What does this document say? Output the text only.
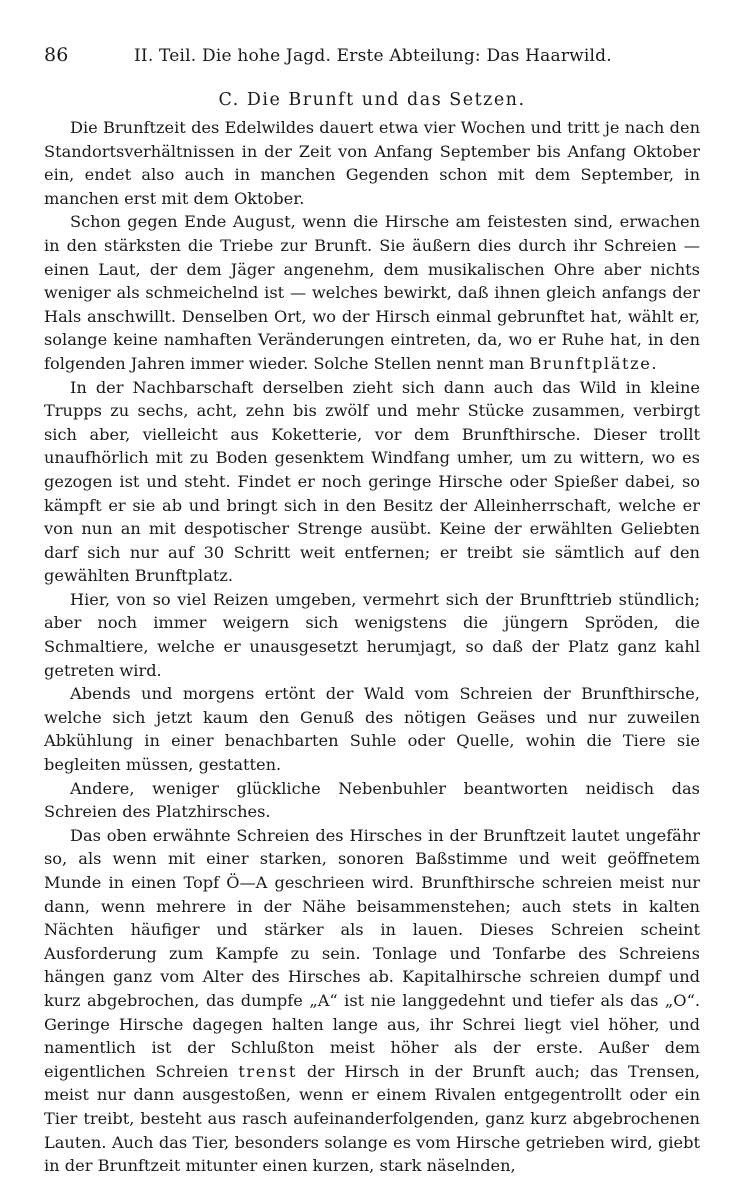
86	II. Teil. Die hohe Jagd. Erste Abteilung: Das Haarwild.
C. Die Brunft und das Setzen.

Die Brunftzeit des Edelwildes dauert etwa vier Wochen und tritt je nach den Standortsverhältnissen in der Zeit von Anfang September bis Anfang Oktober ein, endet also auch in manchen Gegenden schon mit dem September, in manchen erst mit dem Oktober.

Schon gegen Ende August, wenn die Hirsche am feistesten sind, erwachen in den stärksten die Triebe zur Brunft. Sie äußern dies durch ihr Schreien — einen Laut, der dem Jäger angenehm, dem musikalischen Ohre aber nichts weniger als schmeichelnd ist — welches bewirkt, daß ihnen gleich anfangs der Hals anschwillt. Denselben Ort, wo der Hirsch einmal gebrunftet hat, wählt er, solange keine namhaften Veränderungen eintreten, da, wo er Ruhe hat, in den folgenden Jahren immer wieder. Solche Stellen nennt man Brunftplätze.

In der Nachbarschaft derselben zieht sich dann auch das Wild in kleine Trupps zu sechs, acht, zehn bis zwölf und mehr Stücke zusammen, verbirgt sich aber, vielleicht aus Koketterie, vor dem Brunfthirsche. Dieser trollt unaufhörlich mit zu Boden gesenktem Windfang umher, um zu wittern, wo es gezogen ist und steht. Findet er noch geringe Hirsche oder Spießer dabei, so kämpft er sie ab und bringt sich in den Besitz der Alleinherrschaft, welche er von nun an mit despotischer Strenge ausübt. Keine der erwählten Geliebten darf sich nur auf 30 Schritt weit entfernen; er treibt sie sämtlich auf den gewählten Brunftplatz.

Hier, von so viel Reizen umgeben, vermehrt sich der Brunfttrieb stündlich; aber noch immer weigern sich wenigstens die jüngern Spröden, die Schmaltiere, welche er unausgesetzt herumjagt, so daß der Platz ganz kahl getreten wird.

Abends und morgens ertönt der Wald vom Schreien der Brunfthirsche, welche sich jetzt kaum den Genuß des nötigen Geäses und nur zuweilen Abkühlung in einer benachbarten Suhle oder Quelle, wohin die Tiere sie begleiten müssen, gestatten.

Andere, weniger glückliche Nebenbuhler beantworten neidisch das Schreien des Platzhirsches.

Das oben erwähnte Schreien des Hirsches in der Brunftzeit lautet ungefähr so, als wenn mit einer starken, sonoren Baßstimme und weit geöffnetem Munde in einen Topf Ö—A geschrieen wird. Brunfthirsche schreien meist nur dann, wenn mehrere in der Nähe beisammenstehen; auch stets in kalten Nächten häufiger und stärker als in lauen. Dieses Schreien scheint Ausforderung zum Kampfe zu sein. Tonlage und Tonfarbe des Schreiens hängen ganz vom Alter des Hirsches ab. Kapitalhirsche schreien dumpf und kurz abgebrochen, das dumpfe „A“ ist nie langgedehnt und tiefer als das „O“. Geringe Hirsche dagegen halten lange aus, ihr Schrei liegt viel höher, und namentlich ist der Schlußton meist höher als der erste. Außer dem eigentlichen Schreien trenst der Hirsch in der Brunft auch; das Trensen, meist nur dann ausgestoßen, wenn er einem Rivalen entgegentrollt oder ein Tier treibt, besteht aus rasch aufeinanderfolgenden, ganz kurz abgebrochenen Lauten. Auch das Tier, besonders solange es vom Hirsche getrieben wird, giebt in der Brunftzeit mitunter einen kurzen, stark näselnden,
